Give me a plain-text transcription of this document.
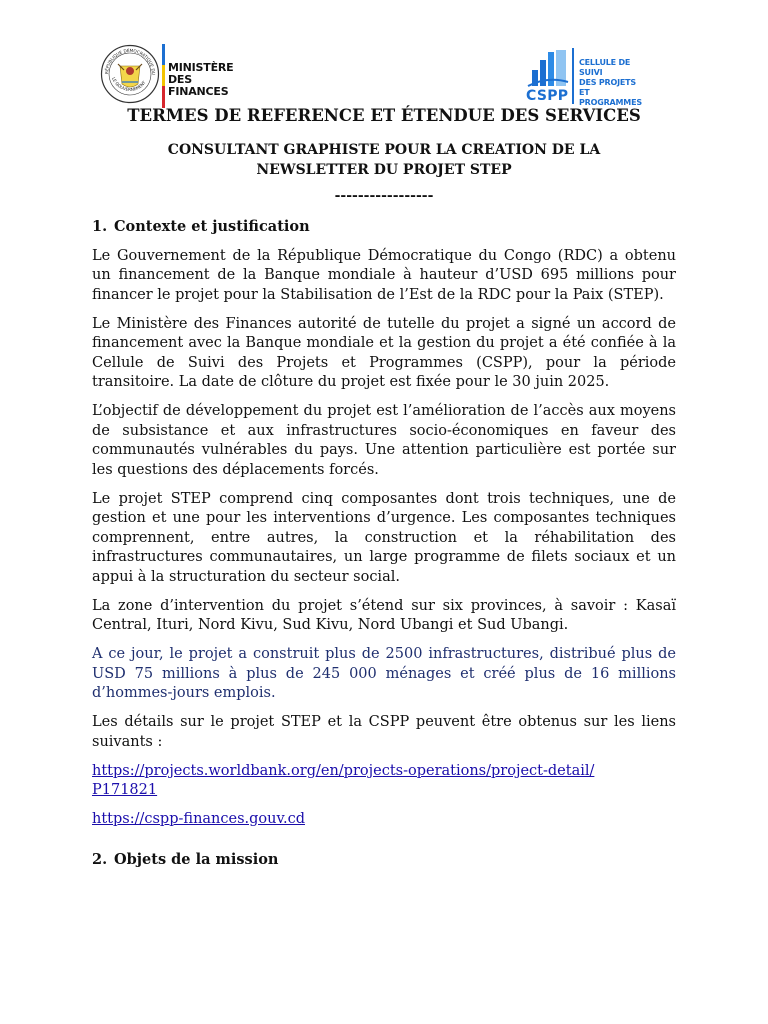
RÉPUBLIQUE DÉMOCRATIQUE DU
LE GOUVERNEMENT
MINISTÈRE
DES FINANCES	CSPP
CELLULE DE SUIVI
DES PROJETS ET
PROGRAMMES
TERMES DE REFERENCE ET ÉTENDUE DES SERVICES
CONSULTANT GRAPHISTE POUR LA CREATION DE LA
NEWSLETTER DU PROJET STEP
-----------------
1. Contexte et justification

Le Gouvernement de la République Démocratique du Congo (RDC) a obtenu un financement de la Banque mondiale à hauteur d’USD 695 millions pour financer le projet pour la Stabilisation de l’Est de la RDC pour la Paix (STEP).

Le Ministère des Finances autorité de tutelle du projet a signé un accord de financement avec la Banque mondiale et la gestion du projet a été confiée à la Cellule de Suivi des Projets et Programmes (CSPP), pour la période transitoire. La date de clôture du projet est fixée pour le 30 juin 2025.

L’objectif de développement du projet est l’amélioration de l’accès aux moyens de subsistance et aux infrastructures socio-économiques en faveur des communautés vulnérables du pays. Une attention particulière est portée sur les questions des déplacements forcés.

Le projet STEP comprend cinq composantes dont trois techniques, une de gestion et une pour les interventions d’urgence. Les composantes techniques comprennent, entre autres, la construction et la réhabilitation des infrastructures communautaires, un large programme de filets sociaux et un appui à la structuration du secteur social.

La zone d’intervention du projet s’étend sur six provinces, à savoir : Kasaï Central, Ituri, Nord Kivu, Sud Kivu, Nord Ubangi et Sud Ubangi.

A ce jour, le projet a construit plus de 2500 infrastructures, distribué plus de USD 75 millions à plus de 245 000 ménages et créé plus de 16 millions d’hommes-jours emplois.

Les détails sur le projet STEP et la CSPP peuvent être obtenus sur les liens suivants :

https://projects.worldbank.org/en/projects-operations/project-detail/
P171821
https://cspp-finances.gouv.cd
2. Objets de la mission
